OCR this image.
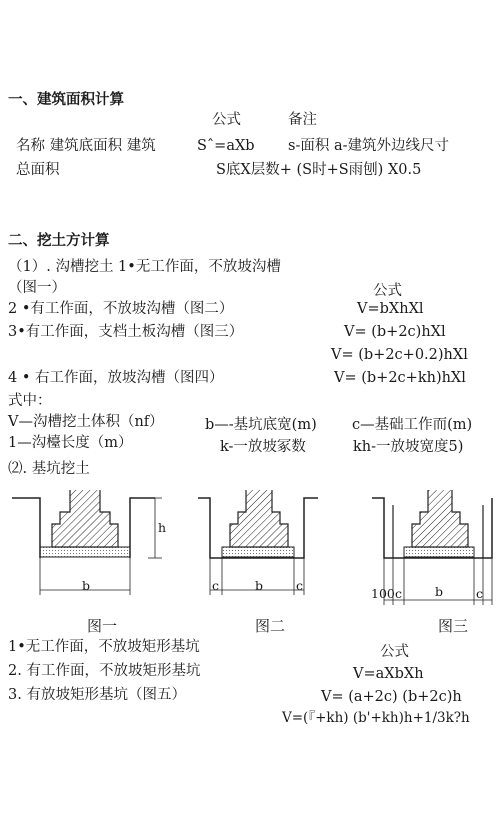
一、建筑面积计算
公式	备注
名称 建筑底面积 建筑	Sˆ=aXb s-面积 a-建筑外边线尺寸
总面积	S底X层数+ (S时+S雨刨) X0.5
二、挖土方计算
（1）. 沟槽挖土 1•无工作面，不放坡沟槽
（图一）	公式
2 •有工作面，不放坡沟槽（图二）	V=bXhXl
3•有工作面，支档土板沟槽（图三）	V= (b+2c)hXl
V= (b+2c+0.2)hXl
4 • 右工作面，放坡沟槽（图四）	V= (b+2c+kh)hXl
式中：
V—沟槽挖土体积（nf）	b—-基坑底宽(m) c—基础工作而(m)
1—沟檯长度（m）	k-一放坡冢数	kh-一放坡宽度5)
⑵. 基坑挖土
h
b	b
c	c	b
100 c	c
图一	图二	图三
1•无工作面，不放坡矩形基坑	公式
2. 有工作面，不放坡矩形基坑	V=aXbXh
3. 有放坡矩形基坑（图五）	V= (a+2c) (b+2c)h
V=(『+kh) (b'+kh)h+1/3k?h
